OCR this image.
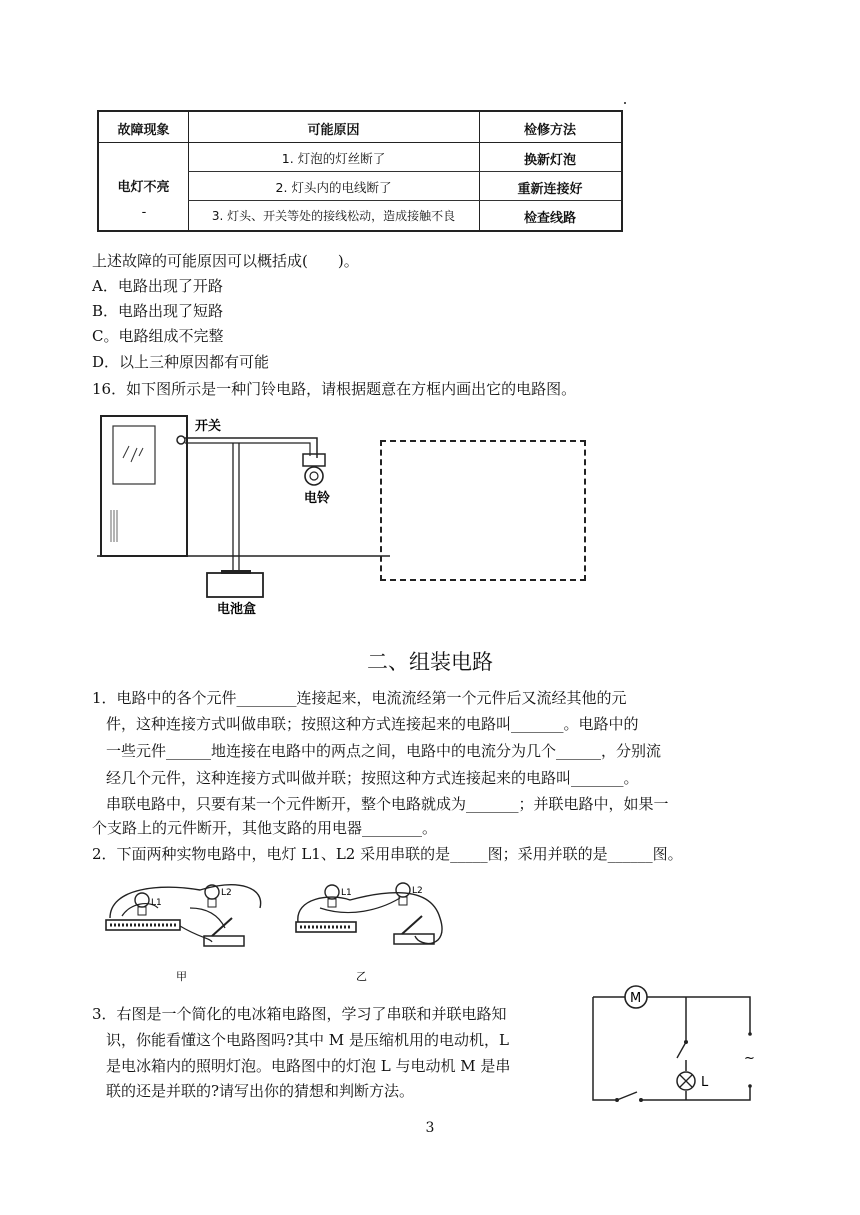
故障现象	可能原因	检修方法
电灯不亮
-
1. 灯泡的灯丝断了	换新灯泡
2. 灯头内的电线断了	重新连接好
3. 灯头、开关等处的接线松动，造成接触不良	检查线路
上述故障的可能原因可以概括成(　　)。
A．电路出现了开路
B．电路出现了短路
C。电路组成不完整
D．以上三种原因都有可能
16．如下图所示是一种门铃电路，请根据题意在方框内画出它的电路图。
开关
电铃
电池盒
二、组装电路
1．电路中的各个元件________连接起来，电流流经第一个元件后又流经其他的元
件，这种连接方式叫做串联；按照这种方式连接起来的电路叫_______。电路中的
一些元件______地连接在电路中的两点之间，电路中的电流分为几个______，分别流
经几个元件，这种连接方式叫做并联；按照这种方式连接起来的电路叫_______。
串联电路中，只要有某一个元件断开，整个电路就成为_______；并联电路中，如果一
个支路上的元件断开，其他支路的用电器________。
2．下面两种实物电路中，电灯 L1、L2 采用串联的是_____图；采用并联的是______图。
L1
L2
甲
L1	L2
乙
3．右图是一个简化的电冰箱电路图，学习了串联和并联电路知
识，你能看懂这个电路图吗?其中 M 是压缩机用的电动机，L
是电冰箱内的照明灯泡。电路图中的灯泡 L 与电动机 M 是串
联的还是并联的?请写出你的猜想和判断方法。
M
L
~
3
